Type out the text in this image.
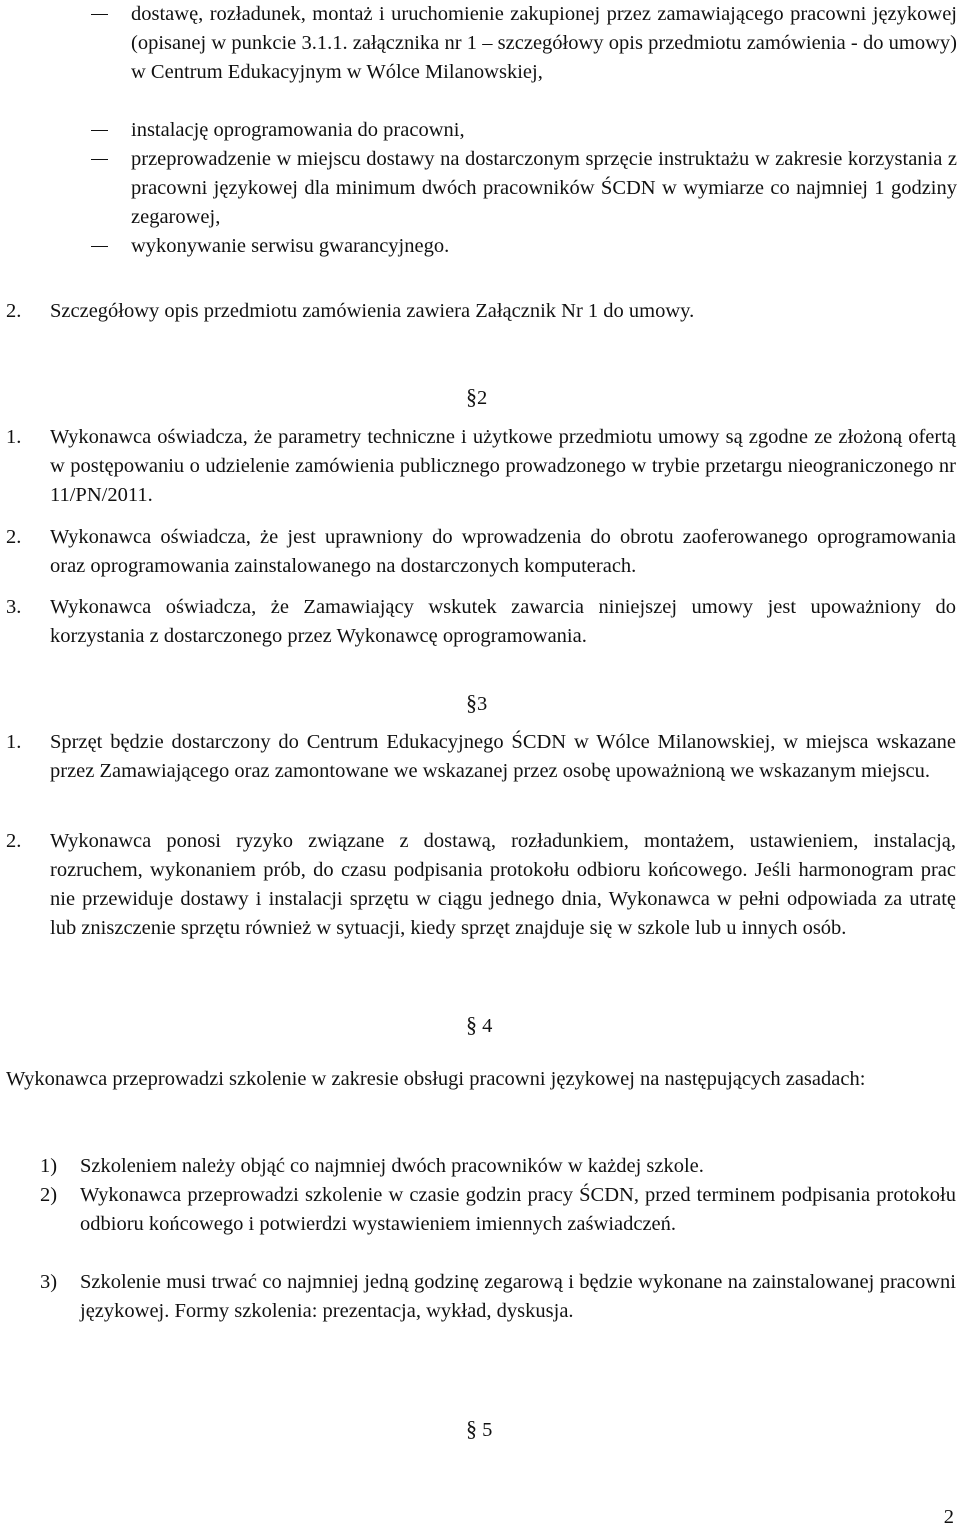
dostawę, rozładunek, montaż i uruchomienie zakupionej przez zamawiającego pracowni językowej (opisanej w punkcie 3.1.1. załącznika nr 1 – szczegółowy opis przedmiotu zamówienia - do umowy) w Centrum Edukacyjnym w Wólce Milanowskiej,
instalację oprogramowania do pracowni,
przeprowadzenie w miejscu dostawy na dostarczonym sprzęcie instruktażu w zakresie korzystania z pracowni językowej dla minimum dwóch pracowników ŚCDN w wymiarze co najmniej 1 godziny zegarowej,
wykonywanie serwisu gwarancyjnego.
2. Szczegółowy opis przedmiotu zamówienia zawiera Załącznik Nr 1 do umowy.
§2
1. Wykonawca oświadcza, że parametry techniczne i użytkowe przedmiotu umowy są zgodne ze złożoną ofertą w postępowaniu o udzielenie zamówienia publicznego prowadzonego w trybie przetargu nieograniczonego nr 11/PN/2011.
2. Wykonawca oświadcza, że jest uprawniony do wprowadzenia do obrotu zaoferowanego oprogramowania oraz oprogramowania zainstalowanego na dostarczonych komputerach.
3. Wykonawca oświadcza, że Zamawiający wskutek zawarcia niniejszej umowy jest upoważniony do korzystania z dostarczonego przez Wykonawcę oprogramowania.
§3
1. Sprzęt będzie dostarczony do Centrum Edukacyjnego ŚCDN w Wólce Milanowskiej, w miejsca wskazane przez Zamawiającego oraz zamontowane we wskazanej przez osobę upoważnioną we wskazanym miejscu.
2. Wykonawca ponosi ryzyko związane z dostawą, rozładunkiem, montażem, ustawieniem, instalacją, rozruchem, wykonaniem prób, do czasu podpisania protokołu odbioru końcowego. Jeśli harmonogram prac nie przewiduje dostawy i instalacji sprzętu w ciągu jednego dnia, Wykonawca w pełni odpowiada za utratę lub zniszczenie sprzętu również w sytuacji, kiedy sprzęt znajduje się w szkole lub u innych osób.
§ 4
Wykonawca przeprowadzi szkolenie w zakresie obsługi pracowni językowej na następujących zasadach:
1) Szkoleniem należy objąć co najmniej dwóch pracowników w każdej szkole.
2) Wykonawca przeprowadzi szkolenie w czasie godzin pracy ŚCDN, przed terminem podpisania protokołu odbioru końcowego i potwierdzi wystawieniem imiennych zaświadczeń.
3) Szkolenie musi trwać co najmniej jedną godzinę zegarową i będzie wykonane na zainstalowanej pracowni językowej. Formy szkolenia: prezentacja, wykład, dyskusja.
§ 5
2
